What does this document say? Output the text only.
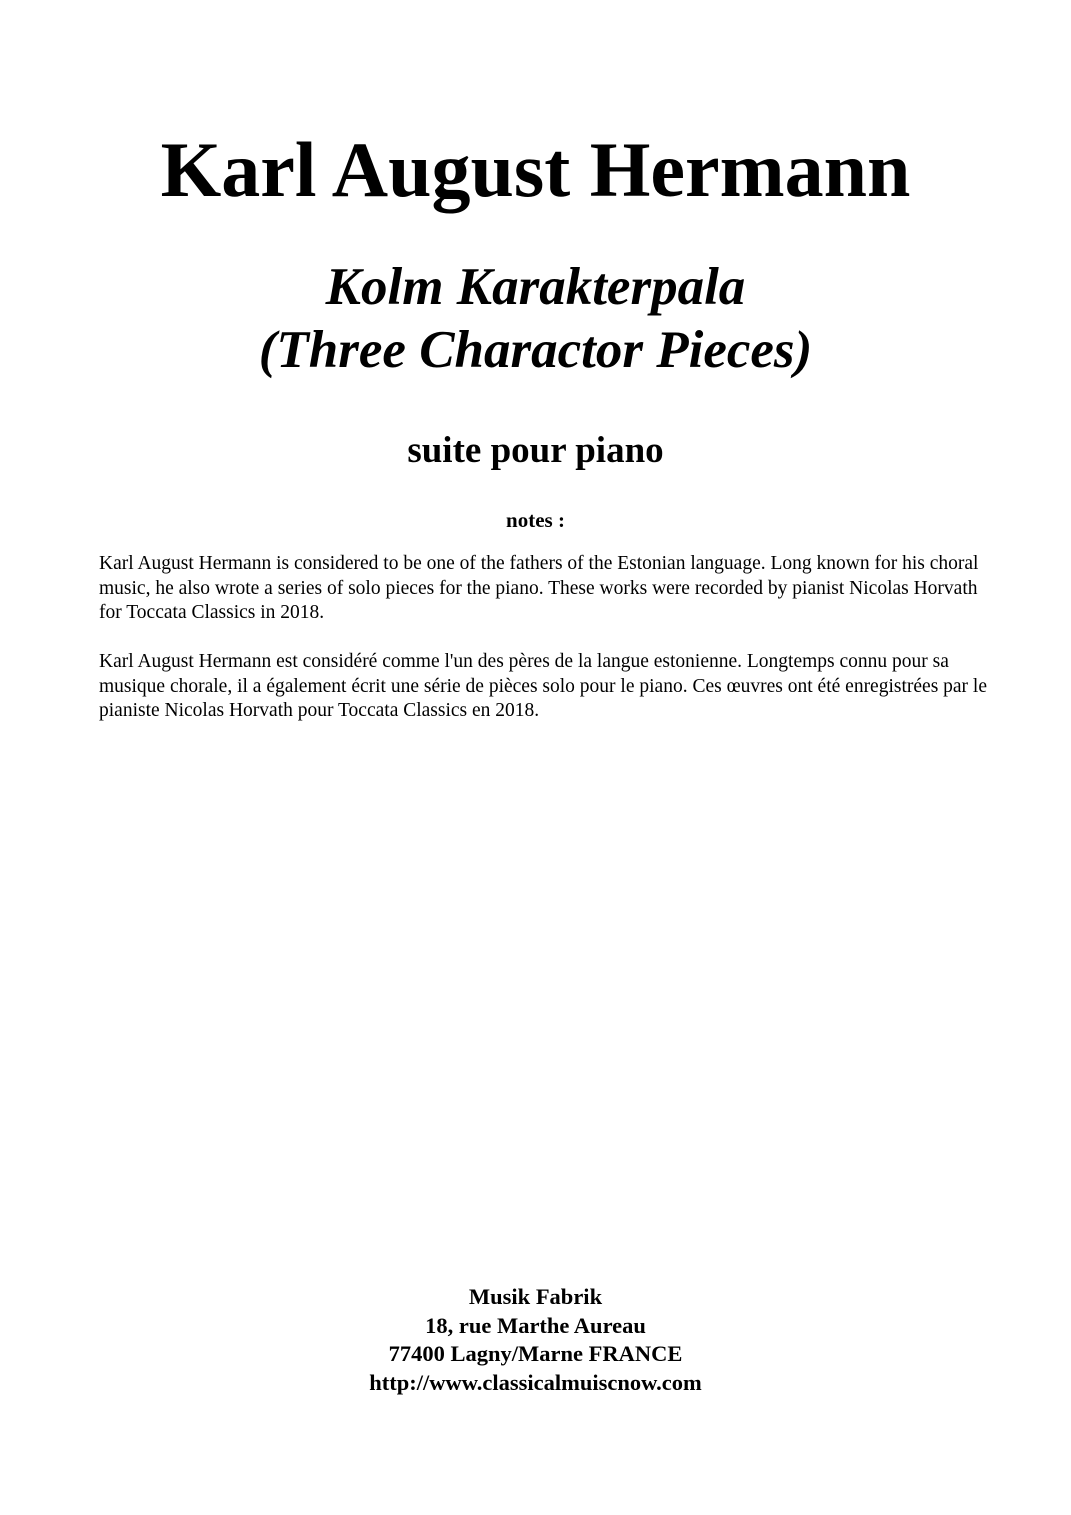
Karl August Hermann
Kolm Karakterpala
(Three Charactor Pieces)
suite pour piano
notes :

Karl August Hermann is considered to be one of the fathers of the Estonian language. Long known for his choral music, he also wrote a series of solo pieces for the piano. These works were recorded by pianist Nicolas Horvath for Toccata Classics in 2018.

Karl August Hermann est considéré comme l'un des pères de la langue estonienne. Longtemps connu pour sa musique chorale, il a également écrit une série de pièces solo pour le piano. Ces œuvres ont été enregistrées par le pianiste Nicolas Horvath pour Toccata Classics en 2018.

Musik Fabrik
18, rue Marthe Aureau
77400 Lagny/Marne FRANCE
http://www.classicalmuiscnow.com
